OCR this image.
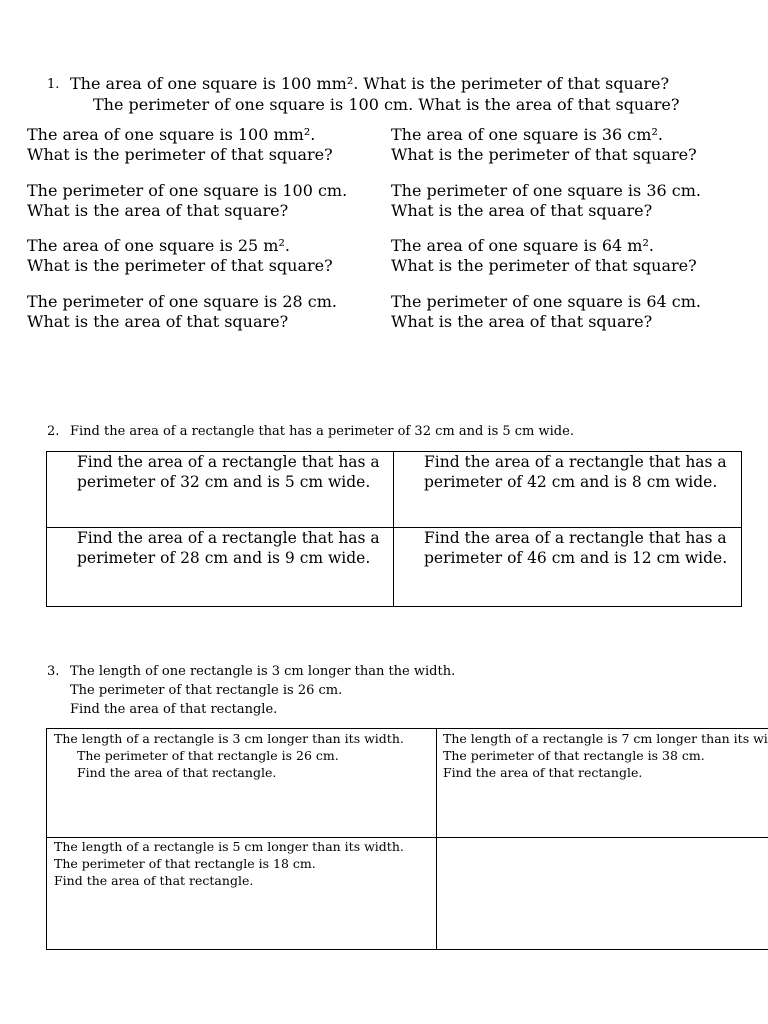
1. The area of one square is 100 mm². What is the perimeter of that square?
The perimeter of one square is 100 cm. What is the area of that square?
The area of one square is 100 mm².
What is the perimeter of that square?
The area of one square is 36 cm².
What is the perimeter of that square?
The perimeter of one square is 100 cm.
What is the area of that square?
The perimeter of one square is 36 cm.
What is the area of that square?
The area of one square is 25 m².
What is the perimeter of that square?
The area of one square is 64 m².
What is the perimeter of that square?
The perimeter of one square is 28 cm.
What is the area of that square?
The perimeter of one square is 64 cm.
What is the area of that square?
2. Find the area of a rectangle that has a perimeter of 32 cm and is 5 cm wide.
Find the area of a rectangle that has a
perimeter of 32 cm and is 5 cm wide.
Find the area of a rectangle that has a
perimeter of 42 cm and is 8 cm wide.
Find the area of a rectangle that has a
perimeter of 28 cm and is 9 cm wide.
Find the area of a rectangle that has a
perimeter of 46 cm and is 12 cm wide.
3. The length of one rectangle is 3 cm longer than the width.
The perimeter of that rectangle is 26 cm.
Find the area of that rectangle.
The length of a rectangle is 3 cm longer than its width.
The perimeter of that rectangle is 26 cm.
Find the area of that rectangle.
The length of a rectangle is 7 cm longer than its wi
The perimeter of that rectangle is 38 cm.
Find the area of that rectangle.
The length of a rectangle is 5 cm longer than its width.
The perimeter of that rectangle is 18 cm.
Find the area of that rectangle.
